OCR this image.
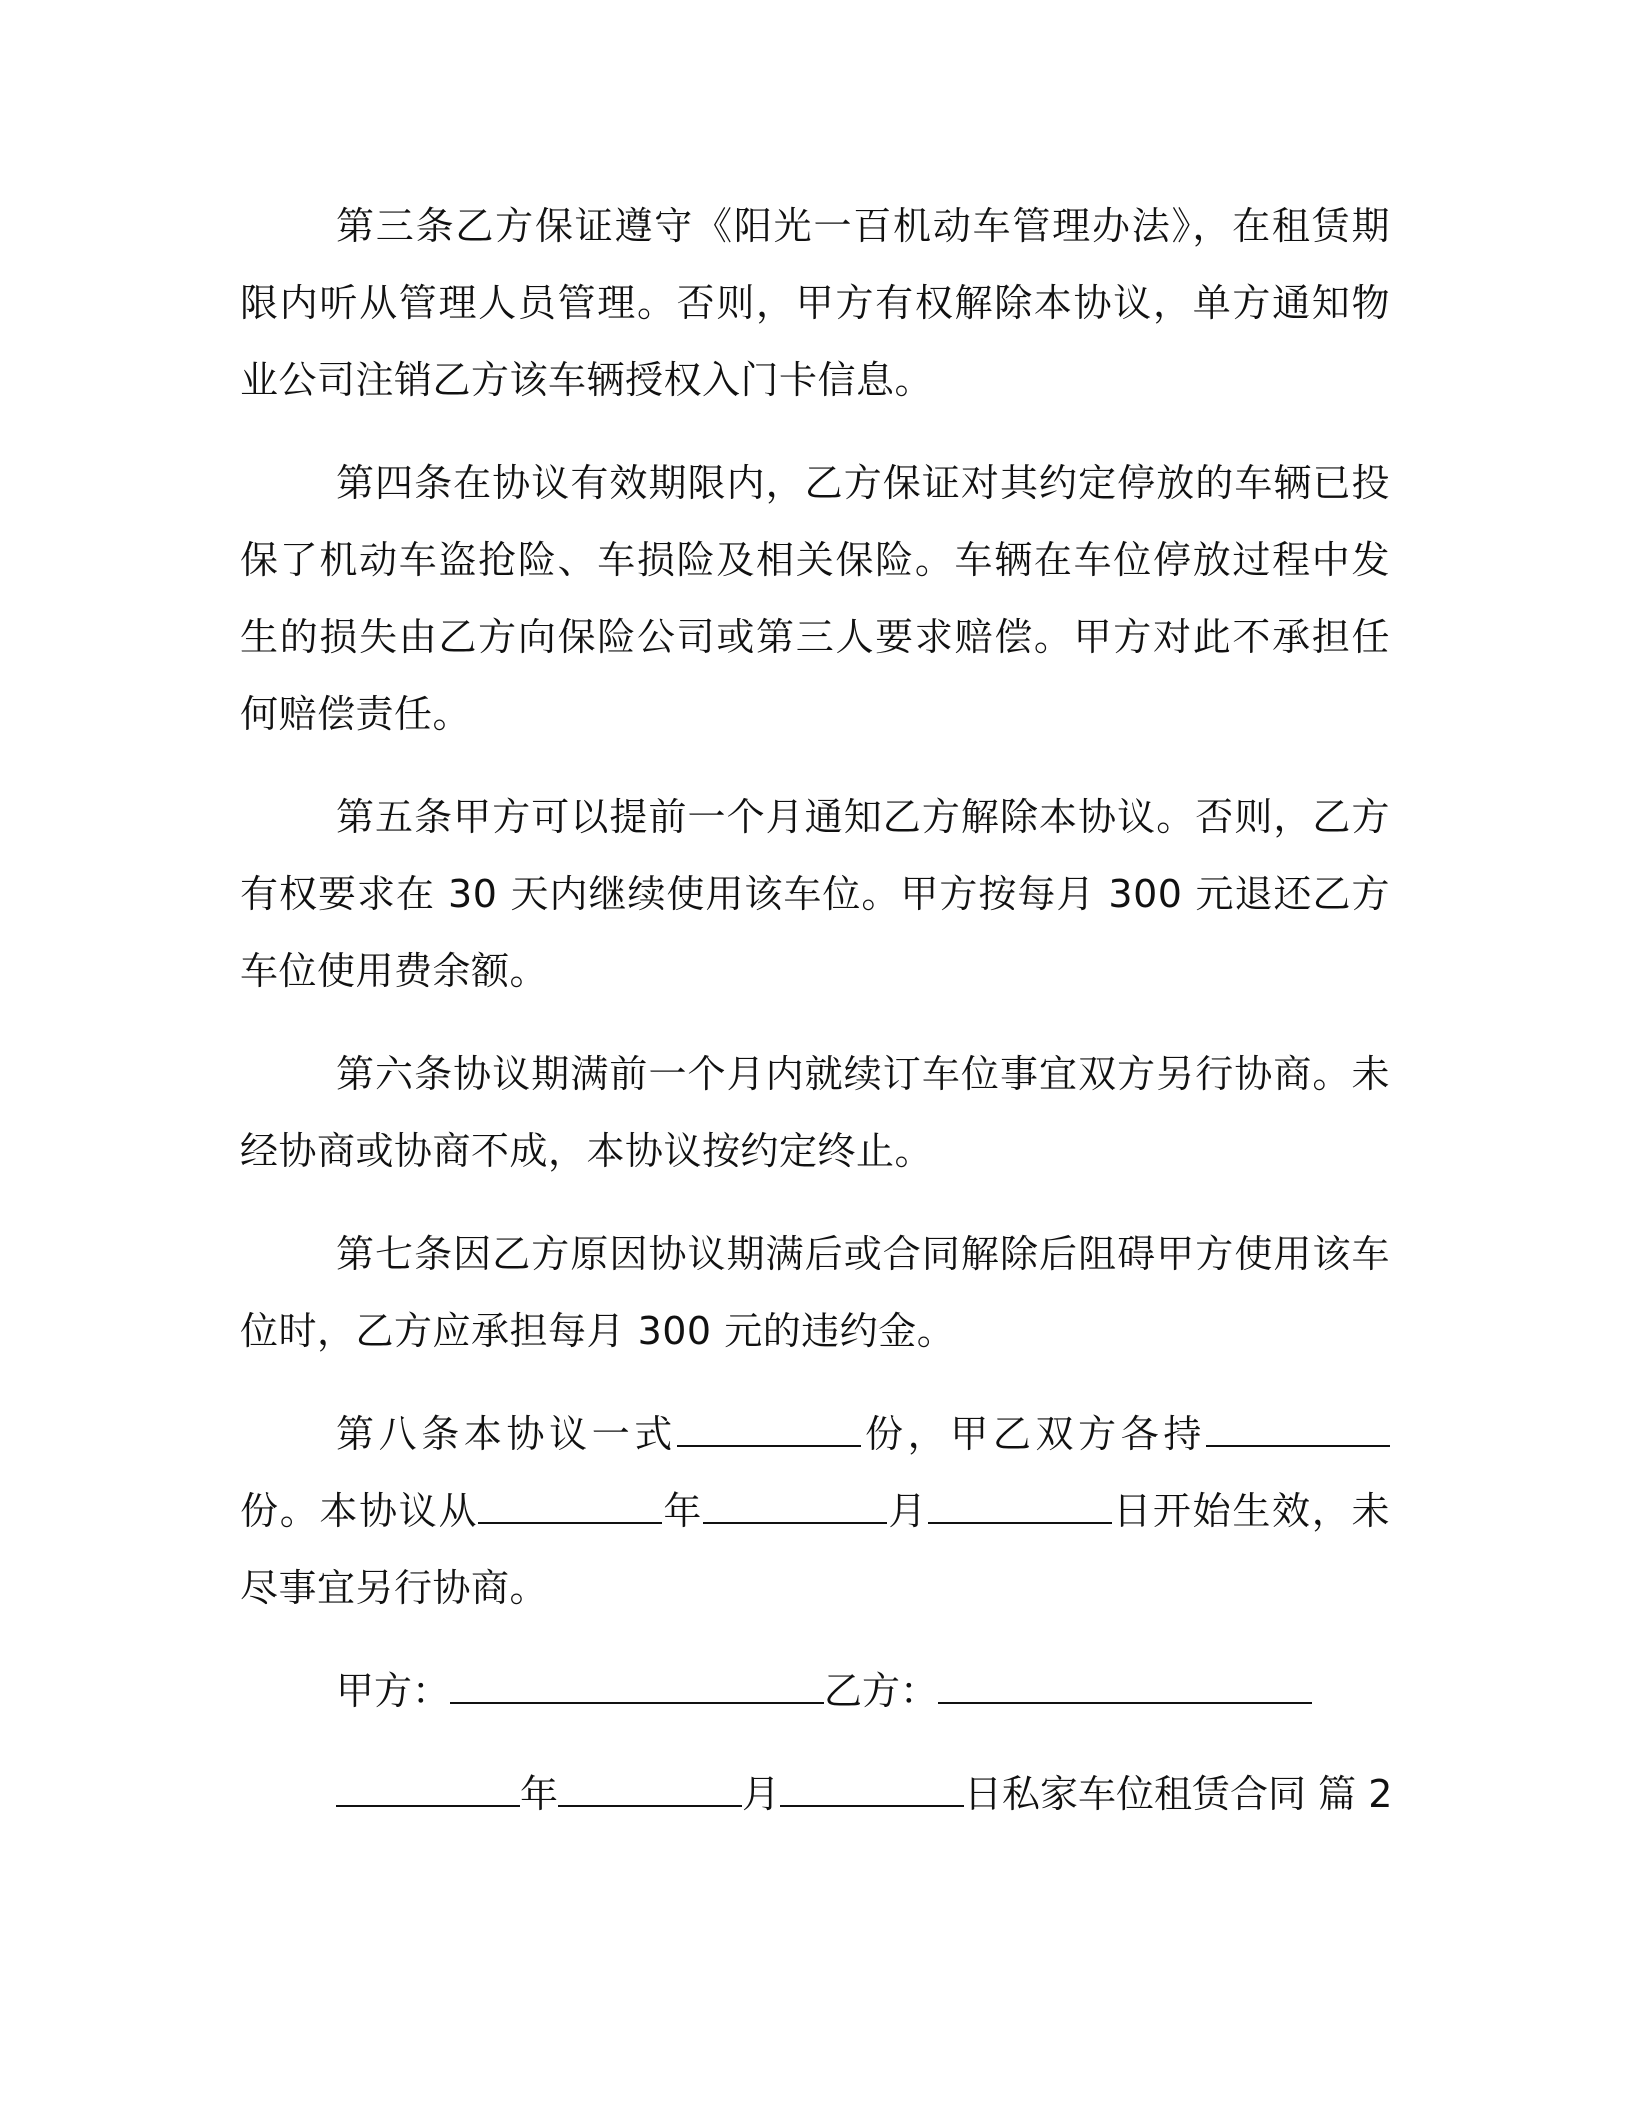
第三条乙方保证遵守《阳光一百机动车管理办法》，在租赁期限内听从管理人员管理。否则，甲方有权解除本协议，单方通知物业公司注销乙方该车辆授权入门卡信息。

第四条在协议有效期限内，乙方保证对其约定停放的车辆已投保了机动车盗抢险、车损险及相关保险。车辆在车位停放过程中发生的损失由乙方向保险公司或第三人要求赔偿。甲方对此不承担任何赔偿责任。

第五条甲方可以提前一个月通知乙方解除本协议。否则，乙方有权要求在 30 天内继续使用该车位。甲方按每月 300 元退还乙方车位使用费余额。

第六条协议期满前一个月内就续订车位事宜双方另行协商。未经协商或协商不成，本协议按约定终止。

第七条因乙方原因协议期满后或合同解除后阻碍甲方使用该车位时，乙方应承担每月 300 元的违约金。

第八条本协议一式	份，甲乙双方各持份。本协议从	年	月	日开始生效，未尽事宜另行协商。

甲方：	乙方：
年	月	日私家车位租赁合同 篇 2
